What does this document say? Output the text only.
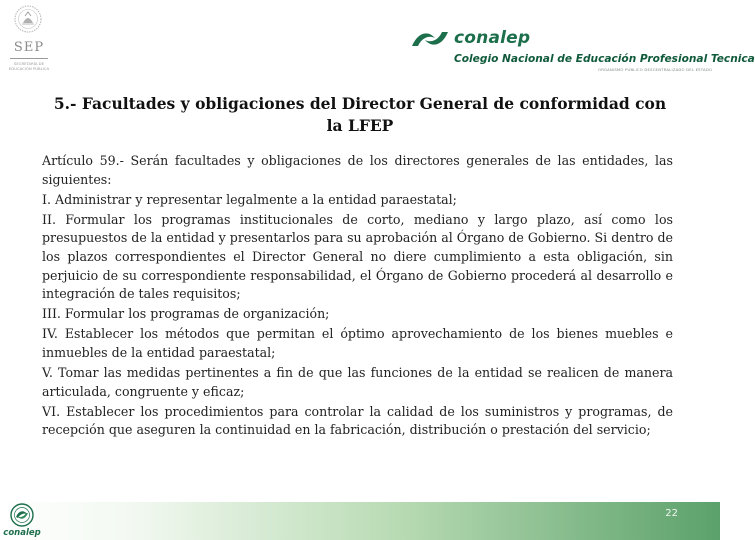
SEP
SECRETARÍA DE
EDUCACIÓN PÚBLICA
conalep
Colegio Nacional de Educación Profesional Tecnica
ORGANISMO PÚBLICO DESCENTRALIZADO DEL ESTADO
5.- Facultades y obligaciones del Director General de conformidad con
la LFEP

Artículo 59.- Serán facultades y obligaciones de los directores generales de las entidades, las siguientes:

I. Administrar y representar legalmente a la entidad paraestatal;

II. Formular los programas institucionales de corto, mediano y largo plazo, así como los presupuestos de la entidad y presentarlos para su aprobación al Órgano de Gobierno. Si dentro de los plazos correspondientes el Director General no diere cumplimiento a esta obligación, sin perjuicio de su correspondiente responsabilidad, el Órgano de Gobierno procederá al desarrollo e integración de tales requisitos;

III. Formular los programas de organización;

IV. Establecer los métodos que permitan el óptimo aprovechamiento de los bienes muebles e inmuebles de la entidad paraestatal;

V. Tomar las medidas pertinentes a fin de que las funciones de la entidad se realicen de manera articulada, congruente y eficaz;

VI. Establecer los procedimientos para controlar la calidad de los suministros y programas, de recepción que aseguren la continuidad en la fabricación, distribución o prestación del servicio;

22
conalep
